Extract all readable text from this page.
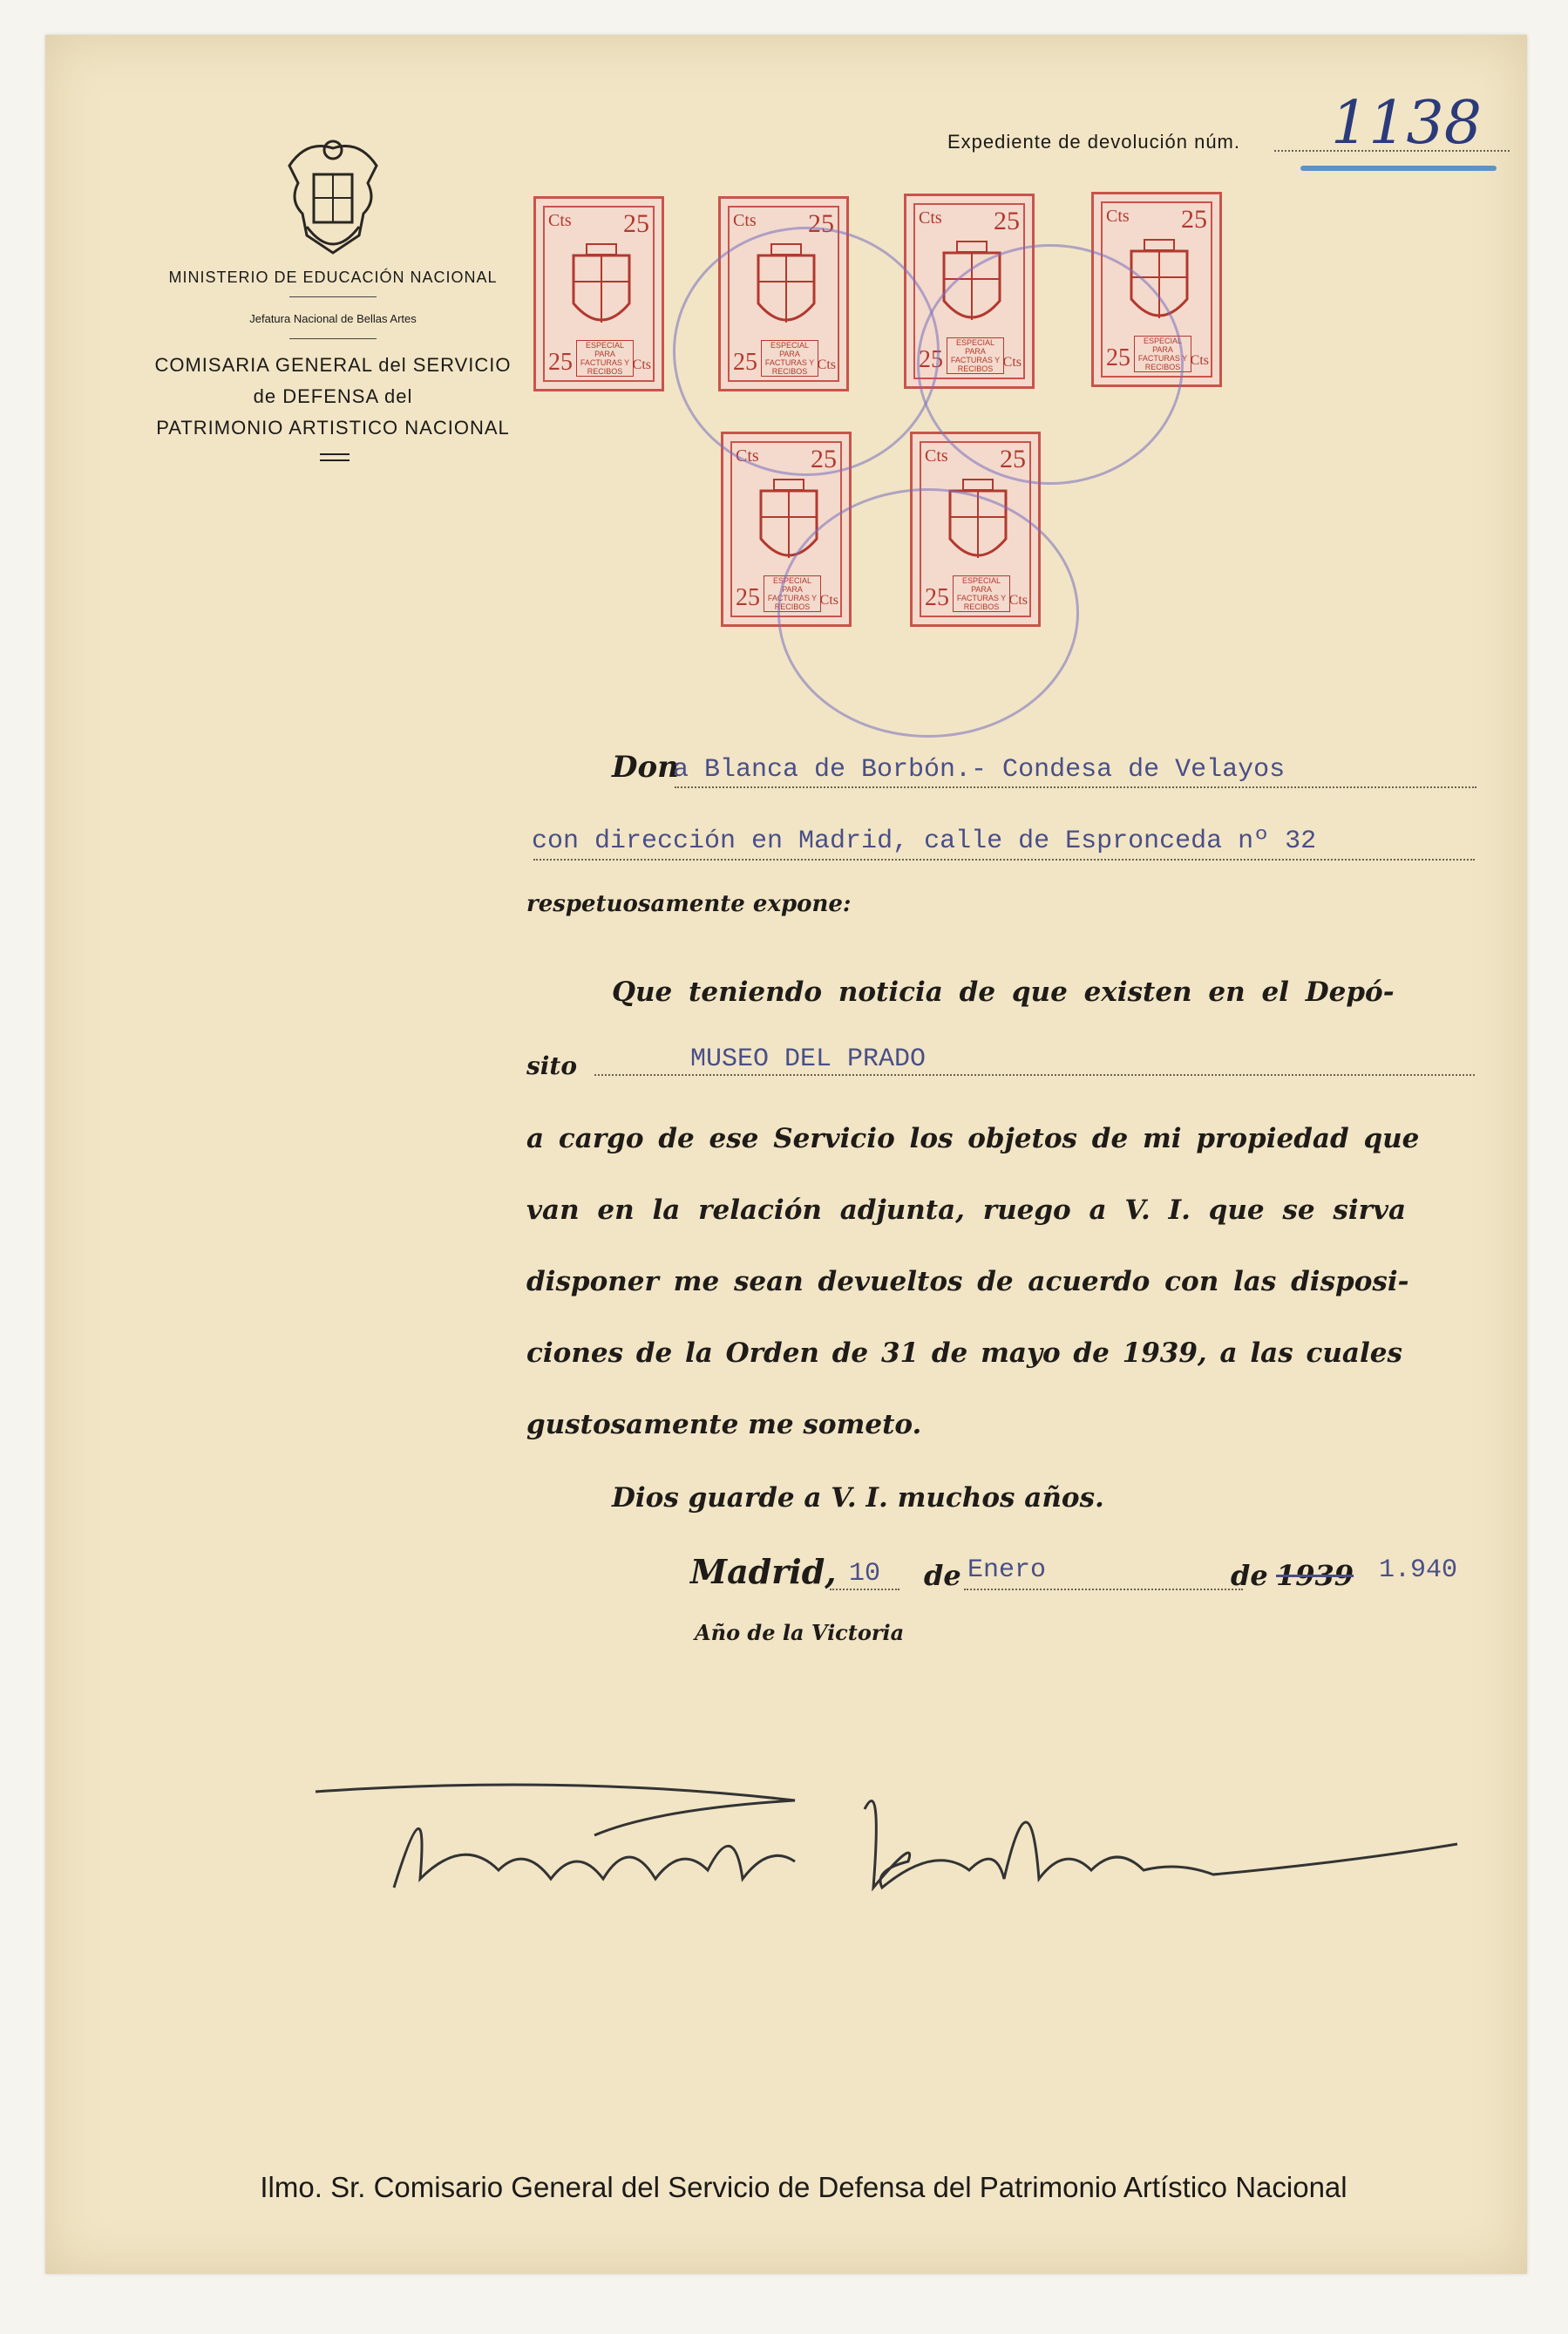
MINISTERIO DE EDUCACIÓN NACIONAL
Jefatura Nacional de Bellas Artes
COMISARIA GENERAL del SERVICIO
de DEFENSA del
PATRIMONIO ARTISTICO NACIONAL
Expediente de devolución núm. 1138
Cts 25
25
ESPECIAL PARA FACTURAS Y RECIBOS Cts
Cts 25
25
ESPECIAL PARA FACTURAS Y RECIBOS Cts
Cts 25
25
ESPECIAL PARA FACTURAS Y RECIBOS Cts
Cts 25
25
ESPECIAL PARA FACTURAS Y RECIBOS Cts
Cts 25
25
ESPECIAL PARA FACTURAS Y RECIBOS Cts
Cts 25
25
ESPECIAL PARA FACTURAS Y RECIBOS Cts
Don
a Blanca de Borbón.- Condesa de Velayos
con dirección en Madrid, calle de Espronceda nº 32
respetuosamente expone:
Que teniendo noticia de que existen en el Depó-
sito	MUSEO DEL PRADO
a cargo de ese Servicio los objetos de mi propiedad que
van en la relación adjunta, ruego a V. I. que se sirva
disponer me sean devueltos de acuerdo con las disposi-
ciones de la Orden de 31 de mayo de 1939, a las cuales
gustosamente me someto.
Dios guarde a V. I. muchos años.
Madrid, 10 de Enero	de 1939 1.940
Año de la Victoria
Ilmo. Sr. Comisario General del Servicio de Defensa del Patrimonio Artístico Nacional
